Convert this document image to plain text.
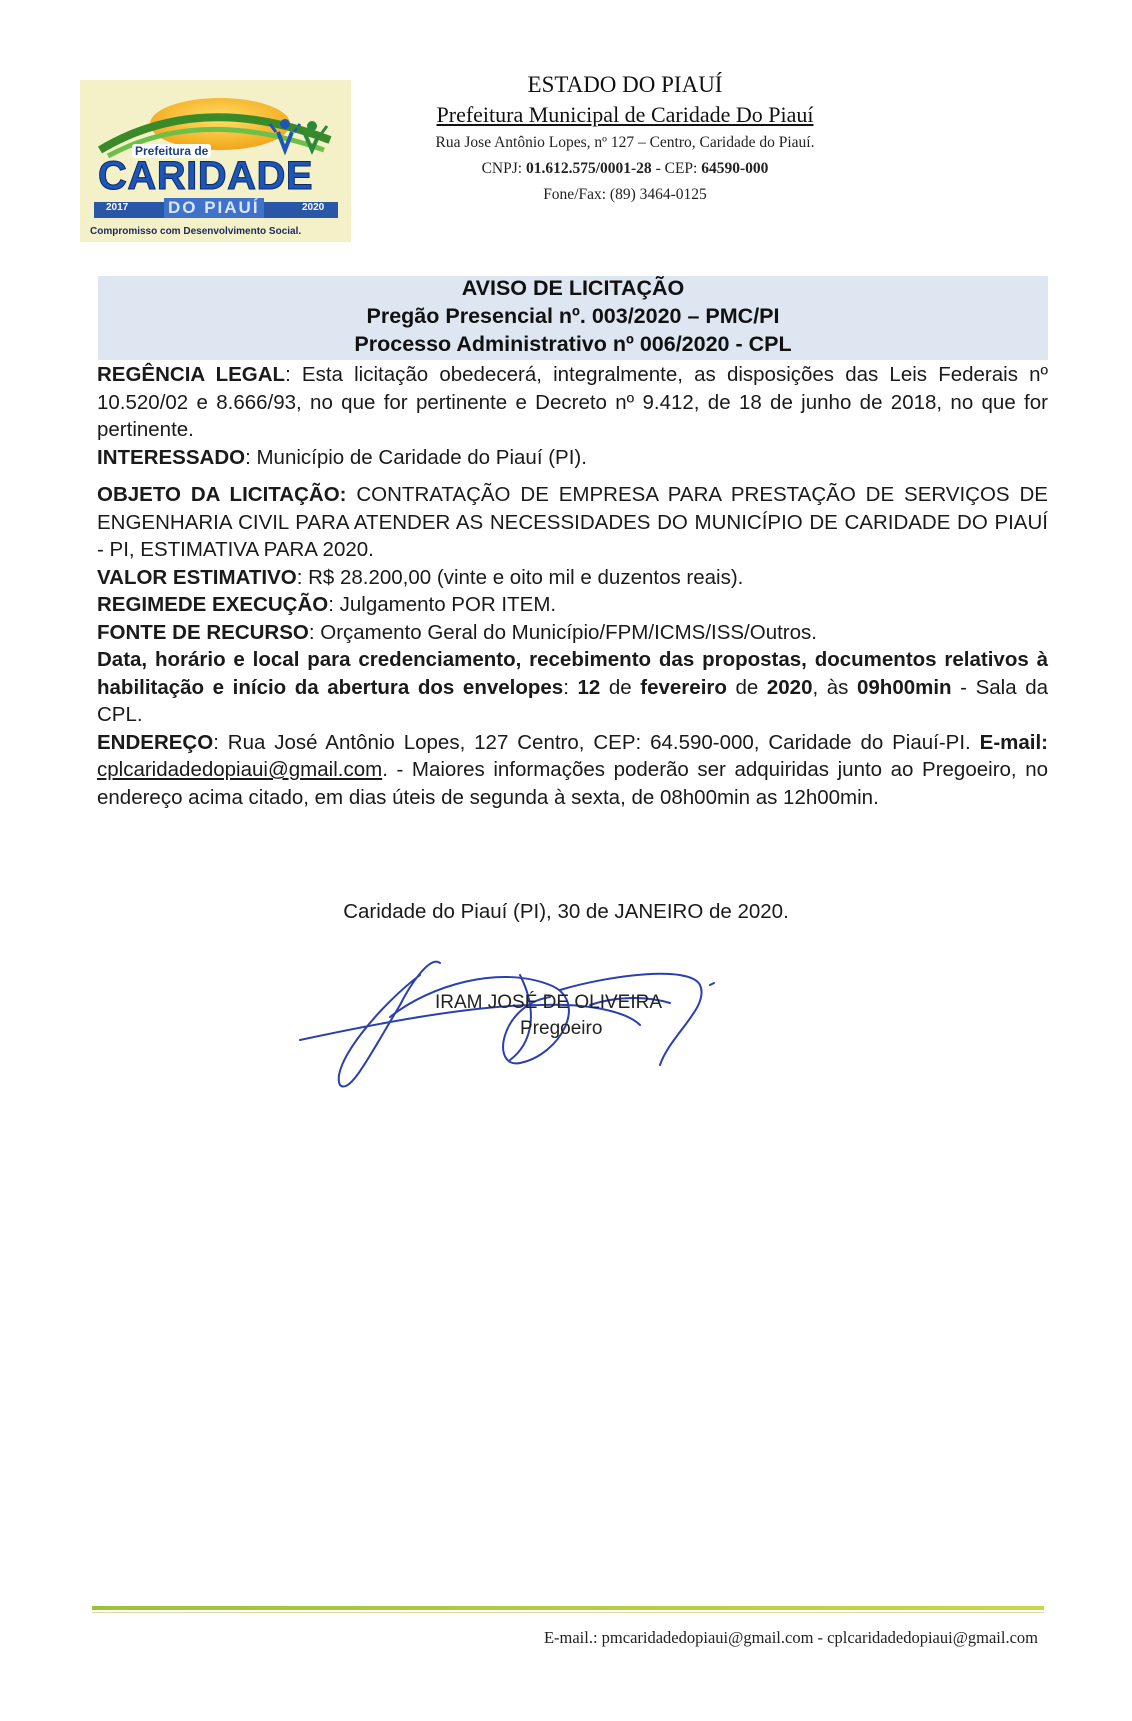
Prefeitura de
CARIDADE
2017 DO PIAUÍ	2020
Compromisso com Desenvolvimento Social.
ESTADO DO PIAUÍ
Prefeitura Municipal de Caridade Do Piauí
Rua Jose Antônio Lopes, nº 127 – Centro, Caridade do Piauí.
CNPJ: 01.612.575/0001-28 - CEP: 64590-000
Fone/Fax: (89) 3464-0125
AVISO DE LICITAÇÃO
Pregão Presencial nº. 003/2020 – PMC/PI
Processo Administrativo nº 006/2020 - CPL

REGÊNCIA LEGAL: Esta licitação obedecerá, integralmente, as disposições das Leis Federais nº 10.520/02 e 8.666/93, no que for pertinente e Decreto nº 9.412, de 18 de junho de 2018, no que for pertinente.

INTERESSADO: Município de Caridade do Piauí (PI).

OBJETO DA LICITAÇÃO: CONTRATAÇÃO DE EMPRESA PARA PRESTAÇÃO DE SERVIÇOS DE ENGENHARIA CIVIL PARA ATENDER AS NECESSIDADES DO MUNICÍPIO DE CARIDADE DO PIAUÍ - PI, ESTIMATIVA PARA 2020.

VALOR ESTIMATIVO: R$ 28.200,00 (vinte e oito mil e duzentos reais).

REGIMEDE EXECUÇÃO: Julgamento POR ITEM.

FONTE DE RECURSO: Orçamento Geral do Município/FPM/ICMS/ISS/Outros.

Data, horário e local para credenciamento, recebimento das propostas, documentos relativos à habilitação e início da abertura dos envelopes: 12 de fevereiro de 2020, às 09h00min - Sala da CPL.

ENDEREÇO: Rua José Antônio Lopes, 127 Centro, CEP: 64.590-000, Caridade do Piauí-PI. E-mail: cplcaridadedopiaui@gmail.com. - Maiores informações poderão ser adquiridas junto ao Pregoeiro, no endereço acima citado, em dias úteis de segunda à sexta, de 08h00min as 12h00min.

Caridade do Piauí (PI), 30 de JANEIRO de 2020.
IRAM JOSÉ DE OLIVEIRA
Pregoeiro
E-mail.: pmcaridadedopiaui@gmail.com - cplcaridadedopiaui@gmail.com
